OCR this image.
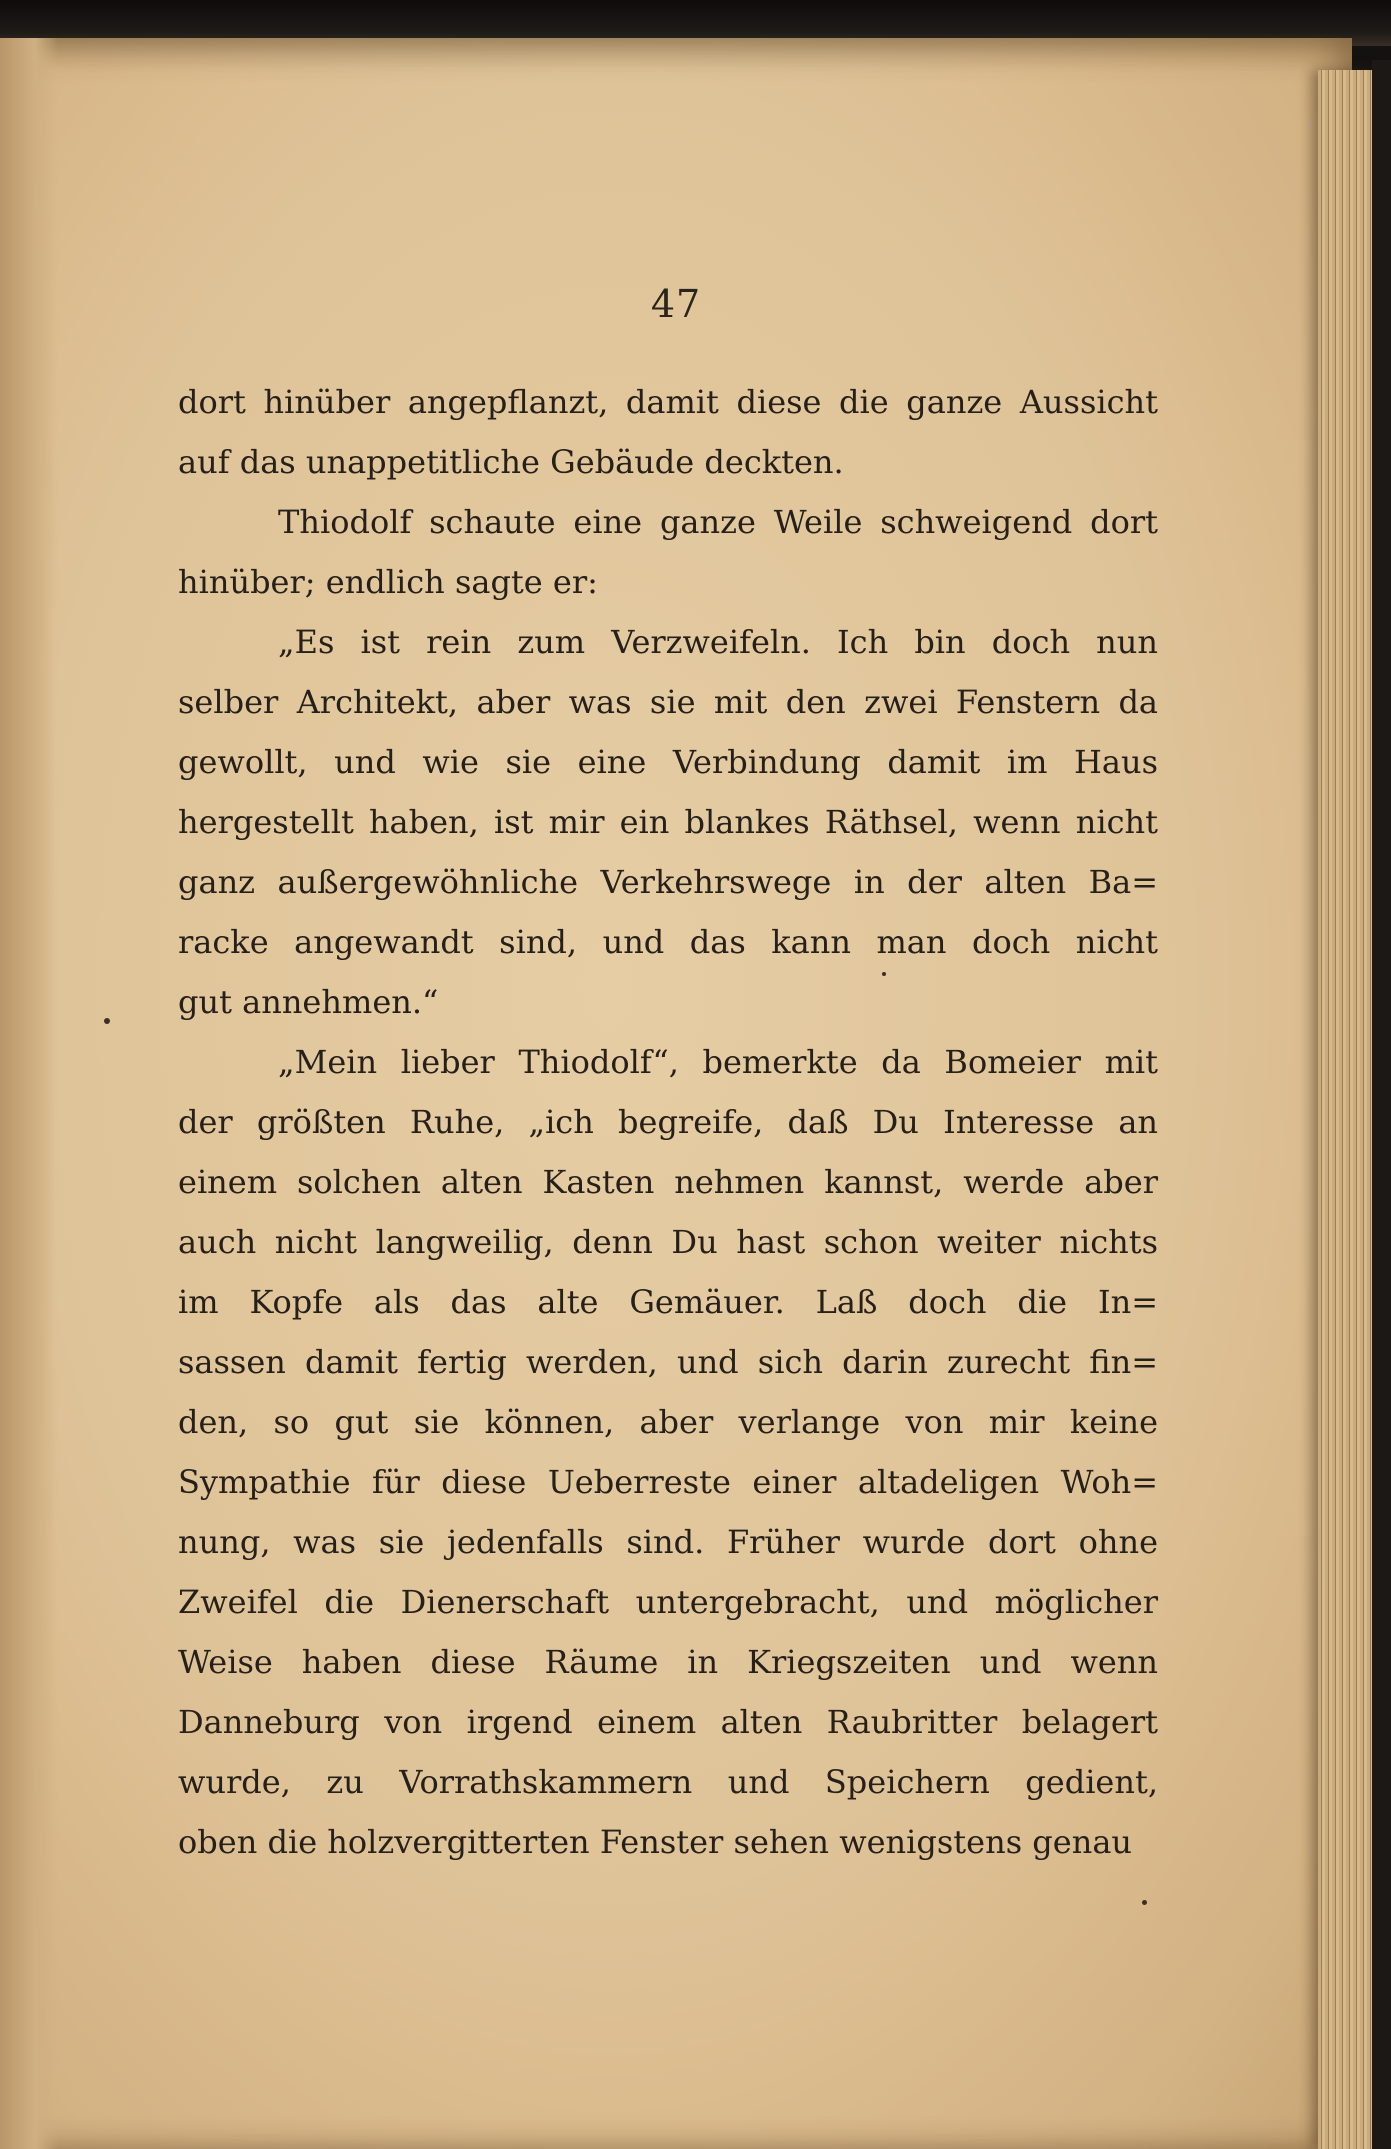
47
dort hinüber angepflanzt, damit diese die ganze Aussicht
auf das unappetitliche Gebäude deckten.
Thiodolf schaute eine ganze Weile schweigend dort
hinüber; endlich sagte er:
„Es ist rein zum Verzweifeln. Ich bin doch nun
selber Architekt, aber was sie mit den zwei Fenstern da
gewollt, und wie sie eine Verbindung damit im Haus
hergestellt haben, ist mir ein blankes Räthsel, wenn nicht
ganz außergewöhnliche Verkehrswege in der alten Ba=
racke angewandt sind, und das kann man doch nicht
gut annehmen.“
„Mein lieber Thiodolf“, bemerkte da Bomeier mit
der größten Ruhe, „ich begreife, daß Du Interesse an
einem solchen alten Kasten nehmen kannst, werde aber
auch nicht langweilig, denn Du hast schon weiter nichts
im Kopfe als das alte Gemäuer. Laß doch die In=
sassen damit fertig werden, und sich darin zurecht fin=
den, so gut sie können, aber verlange von mir keine
Sympathie für diese Ueberreste einer altadeligen Woh=
nung, was sie jedenfalls sind. Früher wurde dort ohne
Zweifel die Dienerschaft untergebracht, und möglicher
Weise haben diese Räume in Kriegszeiten und wenn
Danneburg von irgend einem alten Raubritter belagert
wurde, zu Vorrathskammern und Speichern gedient,
oben die holzvergitterten Fenster sehen wenigstens genau
